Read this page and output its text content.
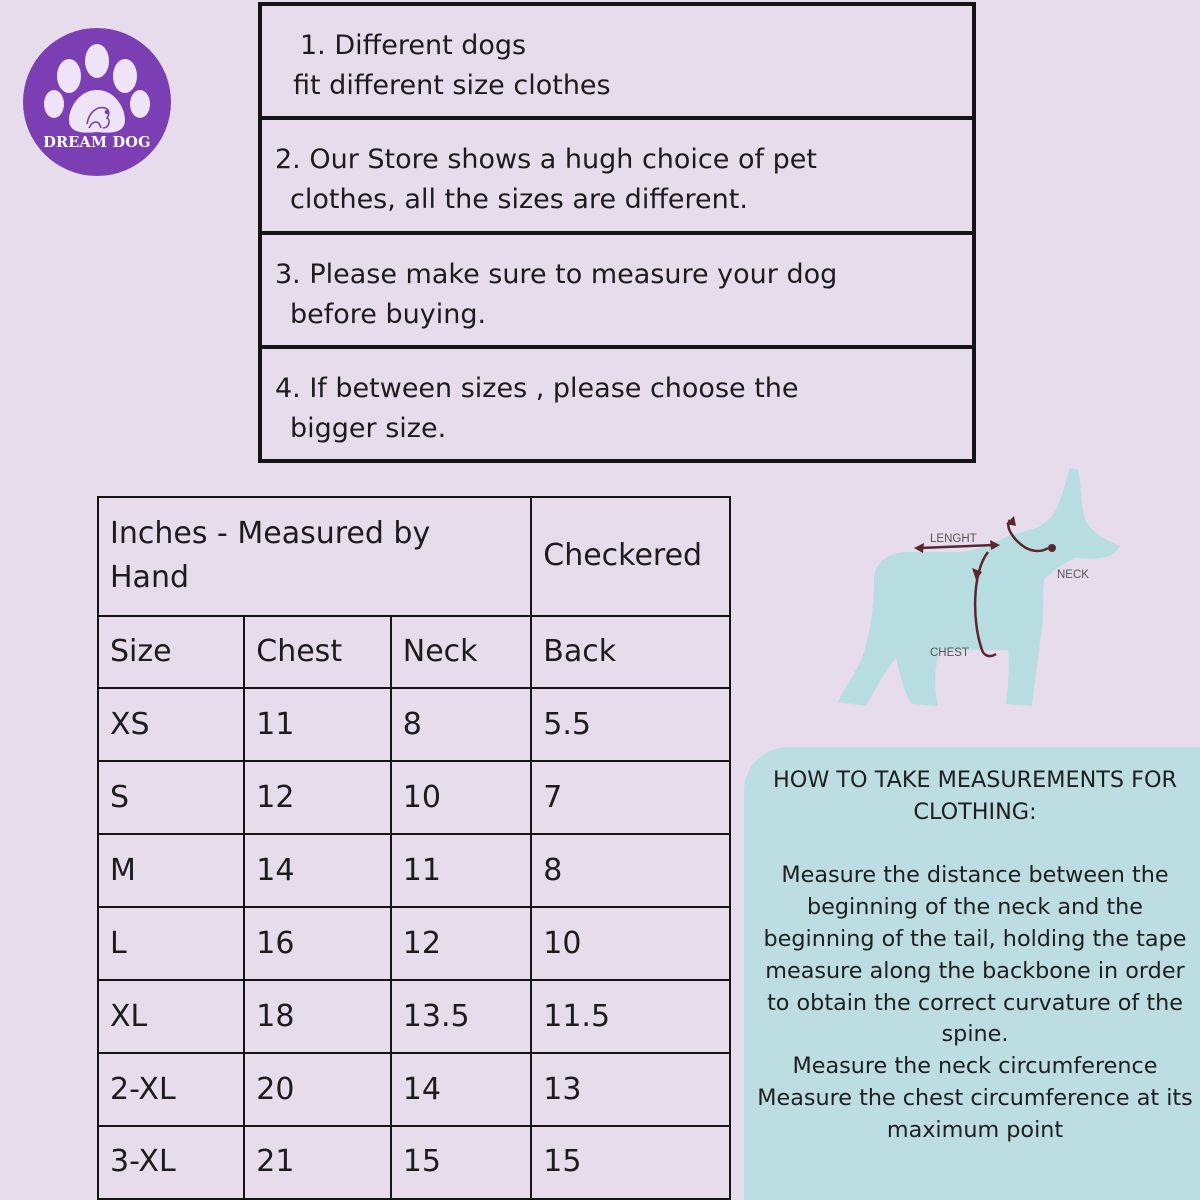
DREAM DOG
1. Different dogs
fit different size clothes
2. Our Store shows a hugh choice of pet
clothes, all the sizes are different.
3. Please make sure to measure your dog
before buying.
4. If between sizes , please choose the
bigger size.
Inches - Measured by Hand			Checkered
Size	Chest	Neck	Back
XS	11	8	5.5
S	12	10	7
M	14	11	8
L	16	12	10
XL	18	13.5	11.5
2-XL	20	14	13
3-XL	21	15	15
LENGHT
NECK
CHEST
HOW TO TAKE MEASUREMENTS FOR CLOTHING:
Measure the distance between the beginning of the neck and the beginning of the tail, holding the tape measure along the backbone in order to obtain the correct curvature of the spine.
Measure the neck circumference
Measure the chest circumference at its maximum point
